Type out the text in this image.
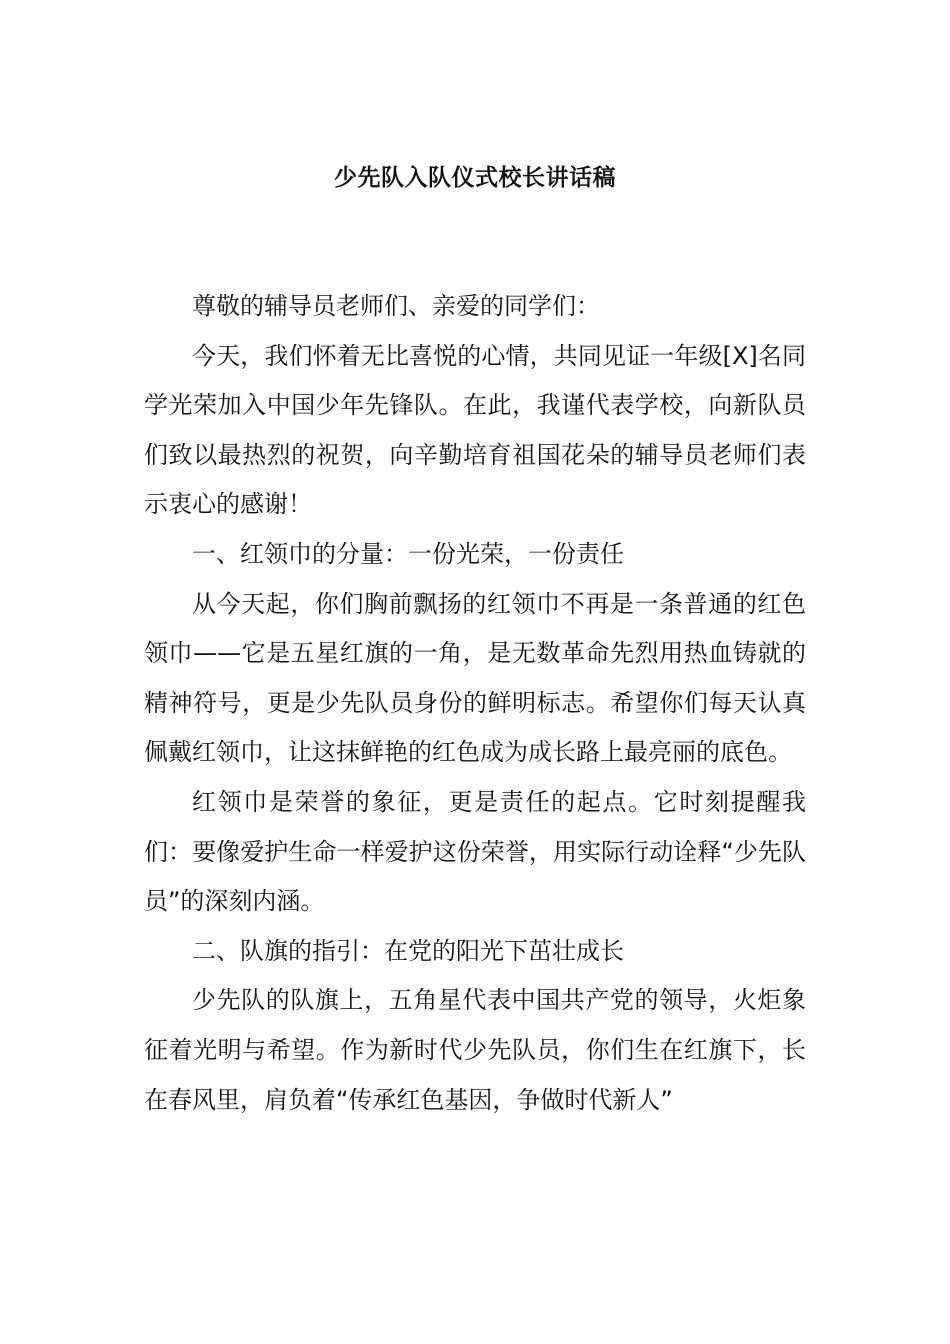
少先队入队仪式校长讲话稿

尊敬的辅导员老师们、亲爱的同学们：

今天，我们怀着无比喜悦的心情，共同见证一年级[X]名同学光荣加入中国少年先锋队。在此，我谨代表学校，向新队员们致以最热烈的祝贺，向辛勤培育祖国花朵的辅导员老师们表示衷心的感谢！

一、红领巾的分量：一份光荣，一份责任

从今天起，你们胸前飘扬的红领巾不再是一条普通的红色领巾——它是五星红旗的一角，是无数革命先烈用热血铸就的精神符号，更是少先队员身份的鲜明标志。希望你们每天认真佩戴红领巾，让这抹鲜艳的红色成为成长路上最亮丽的底色。

红领巾是荣誉的象征，更是责任的起点。它时刻提醒我们：要像爱护生命一样爱护这份荣誉，用实际行动诠释“少先队员”的深刻内涵。

二、队旗的指引：在党的阳光下茁壮成长

少先队的队旗上，五角星代表中国共产党的领导，火炬象征着光明与希望。作为新时代少先队员，你们生在红旗下，长在春风里，肩负着“传承红色基因，争做时代新人”
